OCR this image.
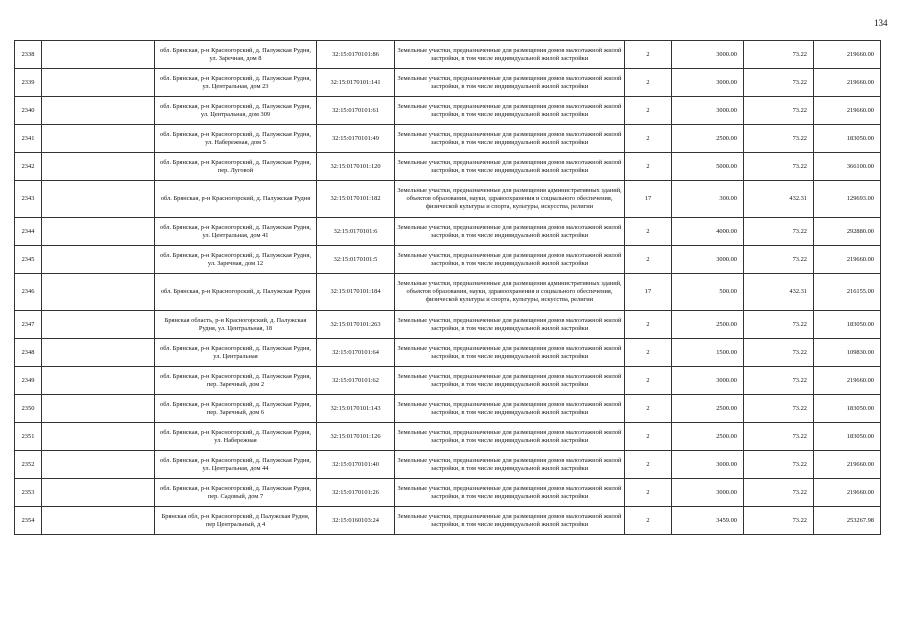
134
2338		обл. Брянская, р-н Красногорский, д. Палужская Рудня, ул. Заречная, дом 8	32:15:0170101:86	Земельные участки, предназначенные для размещения домов малоэтажной жилой застройки, в том числе индивидуальной жилой застройки	2	3000.00	73.22	219660.00
2339		обл. Брянская, р-н Красногорский, д. Палужская Рудня, ул. Центральная, дом 23	32:15:0170101:141	Земельные участки, предназначенные для размещения домов малоэтажной жилой застройки, в том числе индивидуальной жилой застройки	2	3000.00	73.22	219660.00
2340		обл. Брянская, р-н Красногорский, д. Палужская Рудня, ул. Центральная, дом 309	32:15:0170101:61	Земельные участки, предназначенные для размещения домов малоэтажной жилой застройки, в том числе индивидуальной жилой застройки	2	3000.00	73.22	219660.00
2341		обл. Брянская, р-н Красногорский, д. Палужская Рудня, ул. Набережная, дом 5	32:15:0170101:49	Земельные участки, предназначенные для размещения домов малоэтажной жилой застройки, в том числе индивидуальной жилой застройки	2	2500.00	73.22	183050.00
2342		обл. Брянская, р-н Красногорский, д. Палужская Рудня, пер. Луговой	32:15:0170101:120	Земельные участки, предназначенные для размещения домов малоэтажной жилой застройки, в том числе индивидуальной жилой застройки	2	5000.00	73.22	366100.00
2343		обл. Брянская, р-н Красногорский, д. Палужская Рудня	32:15:0170101:182	Земельные участки, предназначенные для размещения административных зданий, объектов образования, науки, здравоохранения и социального обеспечения, физической культуры и спорта, культуры, искусства, религии	17	300.00	432.31	129693.00
2344		обл. Брянская, р-н Красногорский, д. Палужская Рудня, ул. Центральная, дом 41	32:15:0170101:6	Земельные участки, предназначенные для размещения домов малоэтажной жилой застройки, в том числе индивидуальной жилой застройки	2	4000.00	73.22	292880.00
2345		обл. Брянская, р-н Красногорский, д. Палужская Рудня, ул. Заречная, дом 12	32:15:0170101:5	Земельные участки, предназначенные для размещения домов малоэтажной жилой застройки, в том числе индивидуальной жилой застройки	2	3000.00	73.22	219660.00
2346		обл. Брянская, р-н Красногорский, д. Палужская Рудня	32:15:0170101:184	Земельные участки, предназначенные для размещения административных зданий, объектов образования, науки, здравоохранения и социального обеспечения, физической культуры и спорта, культуры, искусства, религии	17	500.00	432.31	216155.00
2347		Брянская область, р-н Красногорский, д. Палужская Рудня, ул. Центральная, 18	32:15:0170101:263	Земельные участки, предназначенные для размещения домов малоэтажной жилой застройки, в том числе индивидуальной жилой застройки	2	2500.00	73.22	183050.00
2348		обл. Брянская, р-н Красногорский, д. Палужская Рудня, ул. Центральная	32:15:0170101:64	Земельные участки, предназначенные для размещения домов малоэтажной жилой застройки, в том числе индивидуальной жилой застройки	2	1500.00	73.22	109830.00
2349		обл. Брянская, р-н Красногорский, д. Палужская Рудня, пер. Заречный, дом 2	32:15:0170101:62	Земельные участки, предназначенные для размещения домов малоэтажной жилой застройки, в том числе индивидуальной жилой застройки	2	3000.00	73.22	219660.00
2350		обл. Брянская, р-н Красногорский, д. Палужская Рудня, пер. Заречный, дом 6	32:15:0170101:143	Земельные участки, предназначенные для размещения домов малоэтажной жилой застройки, в том числе индивидуальной жилой застройки	2	2500.00	73.22	183050.00
2351		обл. Брянская, р-н Красногорский, д. Палужская Рудня, ул. Набережная	32:15:0170101:126	Земельные участки, предназначенные для размещения домов малоэтажной жилой застройки, в том числе индивидуальной жилой застройки	2	2500.00	73.22	183050.00
2352		обл. Брянская, р-н Красногорский, д. Палужская Рудня, ул. Центральная, дом 44	32:15:0170101:40	Земельные участки, предназначенные для размещения домов малоэтажной жилой застройки, в том числе индивидуальной жилой застройки	2	3000.00	73.22	219660.00
2353		обл. Брянская, р-н Красногорский, д. Палужская Рудня, пер. Садовый, дом 7	32:15:0170101:26	Земельные участки, предназначенные для размещения домов малоэтажной жилой застройки, в том числе индивидуальной жилой застройки	2	3000.00	73.22	219660.00
2354		Брянская обл, р-н Красногорский, д Палужская Рудня, пер Центральный, д 4	32:15:0160103:24	Земельные участки, предназначенные для размещения домов малоэтажной жилой застройки, в том числе индивидуальной жилой застройки	2	3459.00	73.22	253267.98
